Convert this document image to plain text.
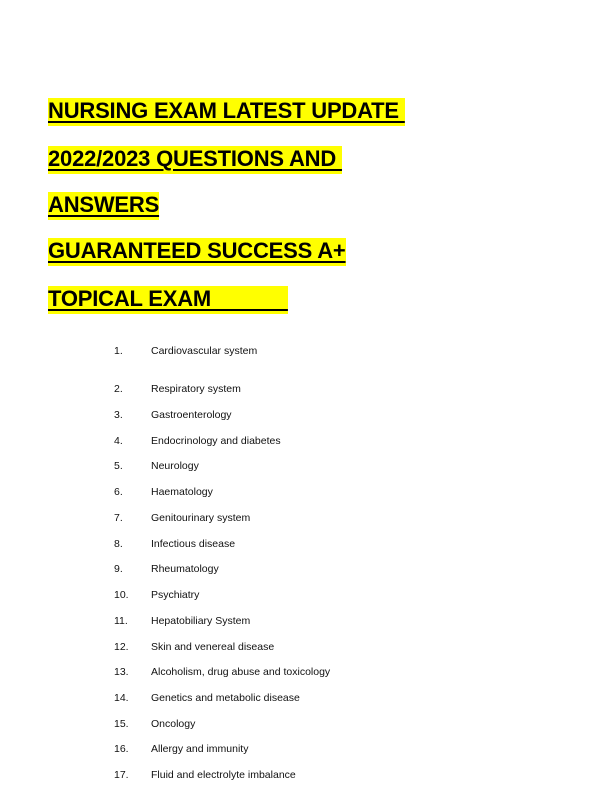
NURSING EXAM LATEST UPDATE
2022/2023 QUESTIONS AND
ANSWERS
GUARANTEED SUCCESS A+
TOPICAL EXAM
1.	Cardiovascular system
2.	Respiratory system
3.	Gastroenterology
4.	Endocrinology and diabetes
5.	Neurology
6.	Haematology
7.	Genitourinary system
8.	Infectious disease
9.	Rheumatology
10.	Psychiatry
11.	Hepatobiliary System
12.	Skin and venereal disease
13.	Alcoholism, drug abuse and toxicology
14.	Genetics and metabolic disease
15.	Oncology
16.	Allergy and immunity
17.	Fluid and electrolyte imbalance
